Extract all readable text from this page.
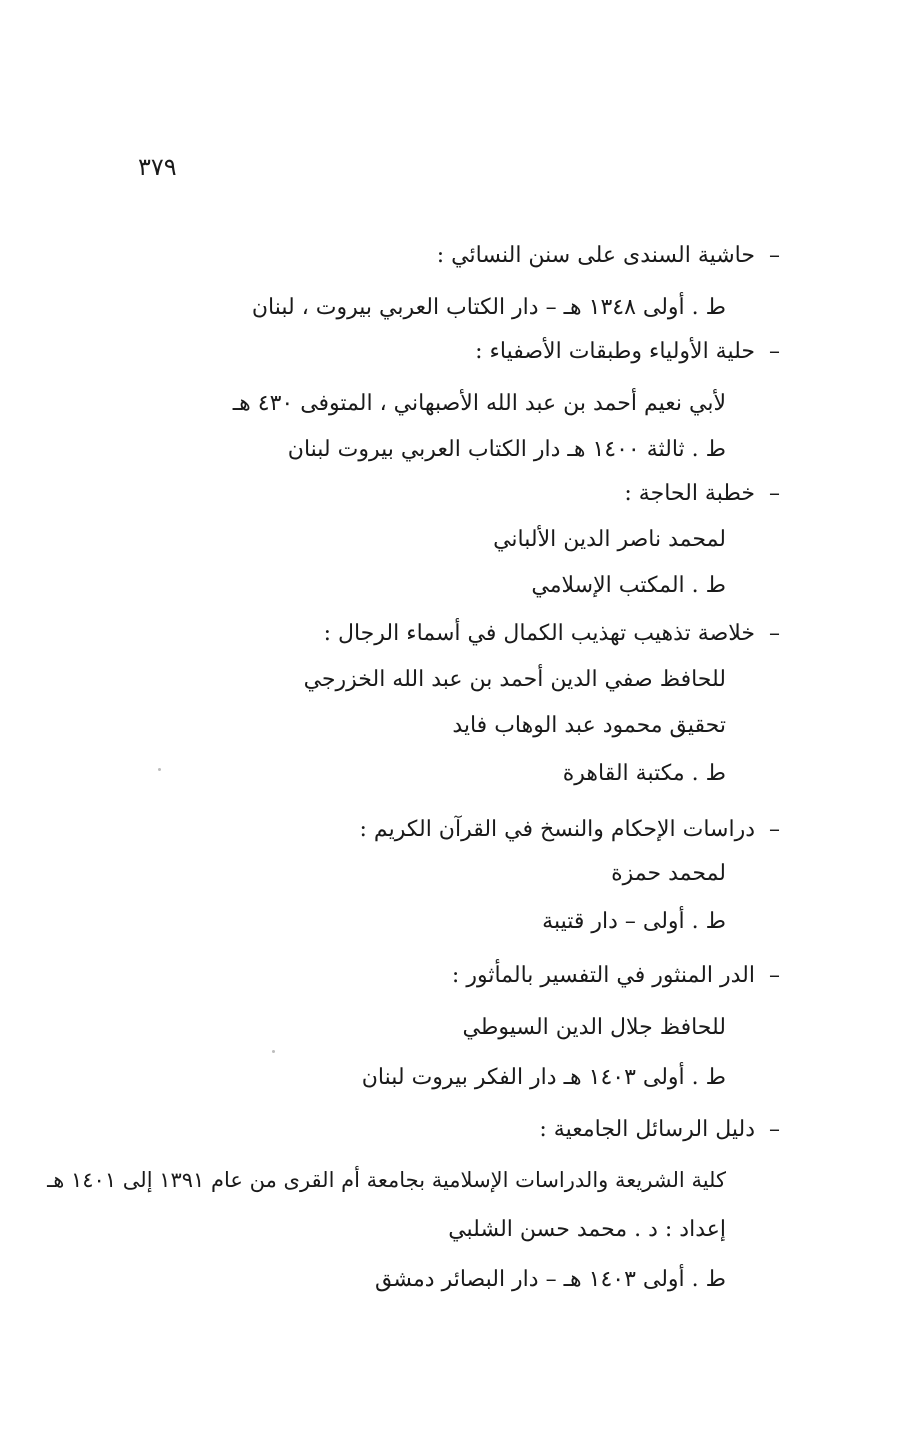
٣٧٩
–حاشية السندى على سنن النسائي :
ط . أولى ١٣٤٨ هـ – دار الكتاب العربي بيروت ، لبنان
–حلية الأولياء وطبقات الأصفياء :
لأبي نعيم أحمد بن عبد الله الأصبهاني ، المتوفى ٤٣٠ هـ
ط . ثالثة ١٤٠٠ هـ دار الكتاب العربي بيروت لبنان
–خطبة الحاجة :
لمحمد ناصر الدين الألباني
ط . المكتب الإسلامي
–خلاصة تذهيب تهذيب الكمال في أسماء الرجال :
للحافظ صفي الدين أحمد بن عبد الله الخزرجي
تحقيق محمود عبد الوهاب فايد
ط . مكتبة القاهرة
–دراسات الإحكام والنسخ في القرآن الكريم :
لمحمد حمزة
ط . أولى – دار قتيبة
–الدر المنثور في التفسير بالمأثور :
للحافظ جلال الدين السيوطي
ط . أولى ١٤٠٣ هـ دار الفكر بيروت لبنان
–دليل الرسائل الجامعية :
كلية الشريعة والدراسات الإسلامية بجامعة أم القرى من عام ١٣٩١ إلى ١٤٠١ هـ
إعداد : د . محمد حسن الشلبي
ط . أولى ١٤٠٣ هـ – دار البصائر دمشق
